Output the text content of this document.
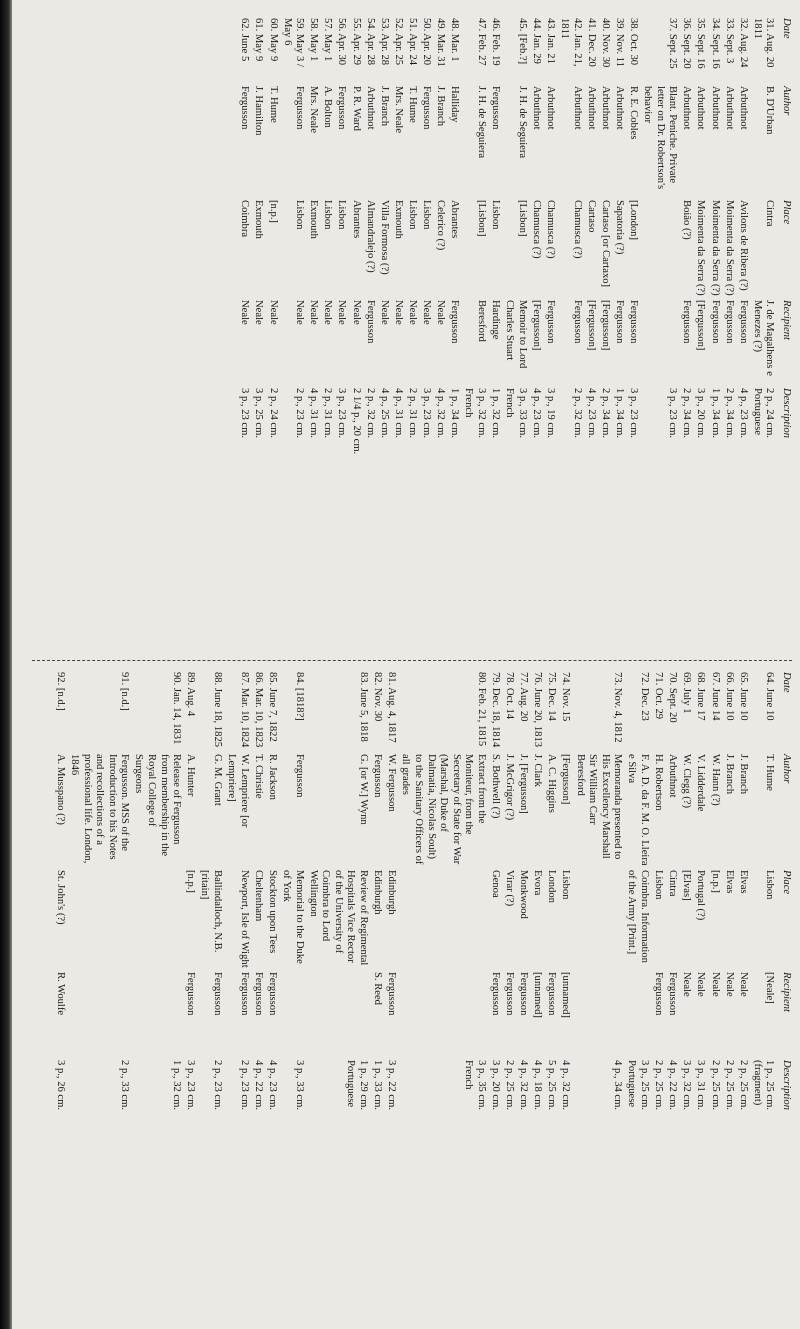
Date
Author
Place
Recipient
Description
31. Aug. 20 1811
B. D'Urban
Cintra
J. de Magalhens e Menezes (?)
2 p., 24 cm.
Portuguese
32. Aug. 24
Arbuthnot
Avilons de Ribera (?)
Fergusson
4 p., 23 cm.
33. Sept. 3
Arbuthnot
Moimenta da Serra (?)
Fergusson
2 p., 34 cm.
34. Sept. 16
Arbuthnot
Moimenta da Serra (?)
Fergusson
1 p., 34 cm.
35. Sept. 16
Arbuthnot
Moimenta da Serra (?)
[Fergusson]
3 p., 20 cm.
36. Sept. 20
Arbuthnot
Boião (?)
Fergusson
2 p., 34 cm.
37. Sept. 25
Blant. Peniche. Private letter on Dr. Robertson's behavior
3 p., 23 cm.
38. Oct. 30
R. E. Cobles
[London]
Fergusson
3 p., 23 cm.
39. Nov. 11
Arbuthnot
Sapatoria (?)
Fergusson
1 p., 34 cm.
40. Nov. 30
Arbuthnot
Cartaso [or Cartaxo]
[Fergusson]
2 p., 34 cm.
41. Dec. 20
Arbuthnot
Cartaso
[Fergusson]
4 p., 23 cm.
42. Jan. 21, 1811
Arbuthnot
Chamusca (?)
Fergusson
2 p., 32 cm.
43. Jan. 21
Arbuthnot
Chamusca (?)
Fergusson
3 p., 19 cm.
44. Jan. 29
Arbuthnot
Chamusca (?)
[Fergusson]
4 p., 23 cm.
45. [Feb.?]
J. H. de Seguiera
[Lisbon]
Memoir to Lord Charles Stuart
3 p., 33 cm.
French
46. Feb. 19
Fergusson
Lisbon
Hardinge
1 p., 32 cm.
47. Feb. 27
J. H. de Seguiera
[Lisbon]
Beresford
3 p., 32 cm.
French
48. Mar. 1
Halliday
Abrantes
Fergusson
1 p., 34 cm.
49. Mar. 31
J. Branch
Celerico (?)
Neale
4 p., 32 cm.
50. Apr. 20
Fergusson
Lisbon
Neale
3 p., 23 cm.
51. Apr. 24
T. Hume
Lisbon
Neale
2 p., 31 cm.
52. Apr. 25
Mrs. Neale
Exmouth
Neale
4 p., 31 cm.
53. Apr. 28
J. Branch
Villa Formosa (?)
Neale
4 p., 25 cm.
54. Apr. 28
Arbuthnot
Almandralejo (?)
Fergusson
2 p., 32 cm.
55. Apr. 29
P. R. Ward
Abrantes
Neale
2 1/4 p., 20 cm.
56. Apr. 30
Fergusson
Lisbon
Neale
3 p., 23 cm.
57. May 1
A. Bolton
Lisbon
Neale
2 p., 31 cm.
58. May 1
Mrs. Neale
Exmouth
Neale
4 p., 31 cm.
59. May 3 / May 6
Fergusson
Lisbon
Neale
2 p., 23 cm.
60. May 9
T. Hume
[n.p.]
Neale
2 p., 24 cm.
61. May 9
J. Hamilton
Exmouth
Neale
3 p., 25 cm.
62. June 5
Fergusson
Coimbra
Neale
3 p., 23 cm.
Date
Author
Place
Recipient
Description
64. June 10
T. Hume
Lisbon
[Neale]
1 p., 25 cm.
(fragment)
65. June 10
J. Branch
Elvas
Neale
2 p., 25 cm.
66. June 10
J. Branch
Elvas
Neale
2 p., 25 cm.
67. June 14
W. Hann (?)
[n.p.]
Neale
2 p., 25 cm.
68. June 17
V. Lidderdale
Portugal (?)
Neale
3 p., 31 cm.
69. July 1
W. Clegg (?)
[Elvas]
Neale
3 p., 32 cm.
70. Sept. 20
Arbuthnot
Cintra
Fergusson
4 p., 22 cm.
71. Oct. 29
H. Robertson
Lisbon
Fergusson
2 p., 25 cm.
72. Dec. 23
F. A. D. da F. M. O. Lleira e Silva
Coimbra. Information of the Army [Print.]
3 p., 25 cm.
Portuguese
73. Nov. 4, 1812
Memoranda presented to His Excellency Marshall Sir William Carr Beresford
4 p., 34 cm.
74. Nov. 15
[Fergusson]
Lisbon
[unnamed]
4 p., 32 cm.
75. Dec. 14
A. C. Higgins
London
Fergusson
5 p., 25 cm.
76. June 20, 1813
J. Clark
Evora
[unnamed]
4 p., 18 cm.
77. Aug. 20
J. [Fergusson]
Monkwood
Fergusson
4 p., 32 cm.
78. Oct. 14
J. McGrigor (?)
Virar (?)
Fergusson
2 p., 25 cm.
79. Dec. 18, 1814
S. Bothwell (?)
Genoa
Fergusson
3 p., 20 cm.
80. Feb. 21, 1815
Extract from the Moniteur, from the Secretary of State for War (Marshal, Duke of Dalmatia, Nicolas Soult) to the Sanitary Officers of all grades
3 p., 35 cm.
French
81. Aug. 4, 1817
W. Fergusson
Edinburgh
Fergusson
3 p., 22 cm.
82. Nov. 30
Fergusson
Edinburgh
S. Reed
1 p., 33 cm.
83. June 5, 1818
G. [or W.] Wynn
Review of Regimental Hospitals Vice Rector of the University of Coimbra to Lord Wellington
1 p., 29 cm.
Portuguese
84. [1818?]
Fergusson
Memorial to the Duke of York
3 p., 33 cm.
85. June 7, 1822
R. Jackson
Stockton upon Tees
Fergusson
4 p., 23 cm.
86. Mar. 10, 1823
T. Christie
Cheltenham
Fergusson
4 p., 22 cm.
87. Mar. 10, 1824
W. Lempriere [or Lempriere]
Newport, Isle of Wight
Fergusson
2 p., 23 cm.
88. June 18, 1825
G. M. Grant
Ballindalloch, N.B.[ritain]
Fergusson
2 p., 23 cm.
89. Aug. 4
A. Hunter
[n.p.]
Fergusson
3 p., 23 cm.
90. Jan. 14, 1831
Release of Fergusson from membership in the Royal College of Surgeons
1 p., 32 cm.
91. [n.d.]
Fergusson. MSS of the Introduction to his Notes and recollections of a professional life. London, 1846
2 p., 33 cm.
92. [n.d.]
A. Musspano (?)
St. John's (?)
R. Woulfe
3 p., 26 cm.
